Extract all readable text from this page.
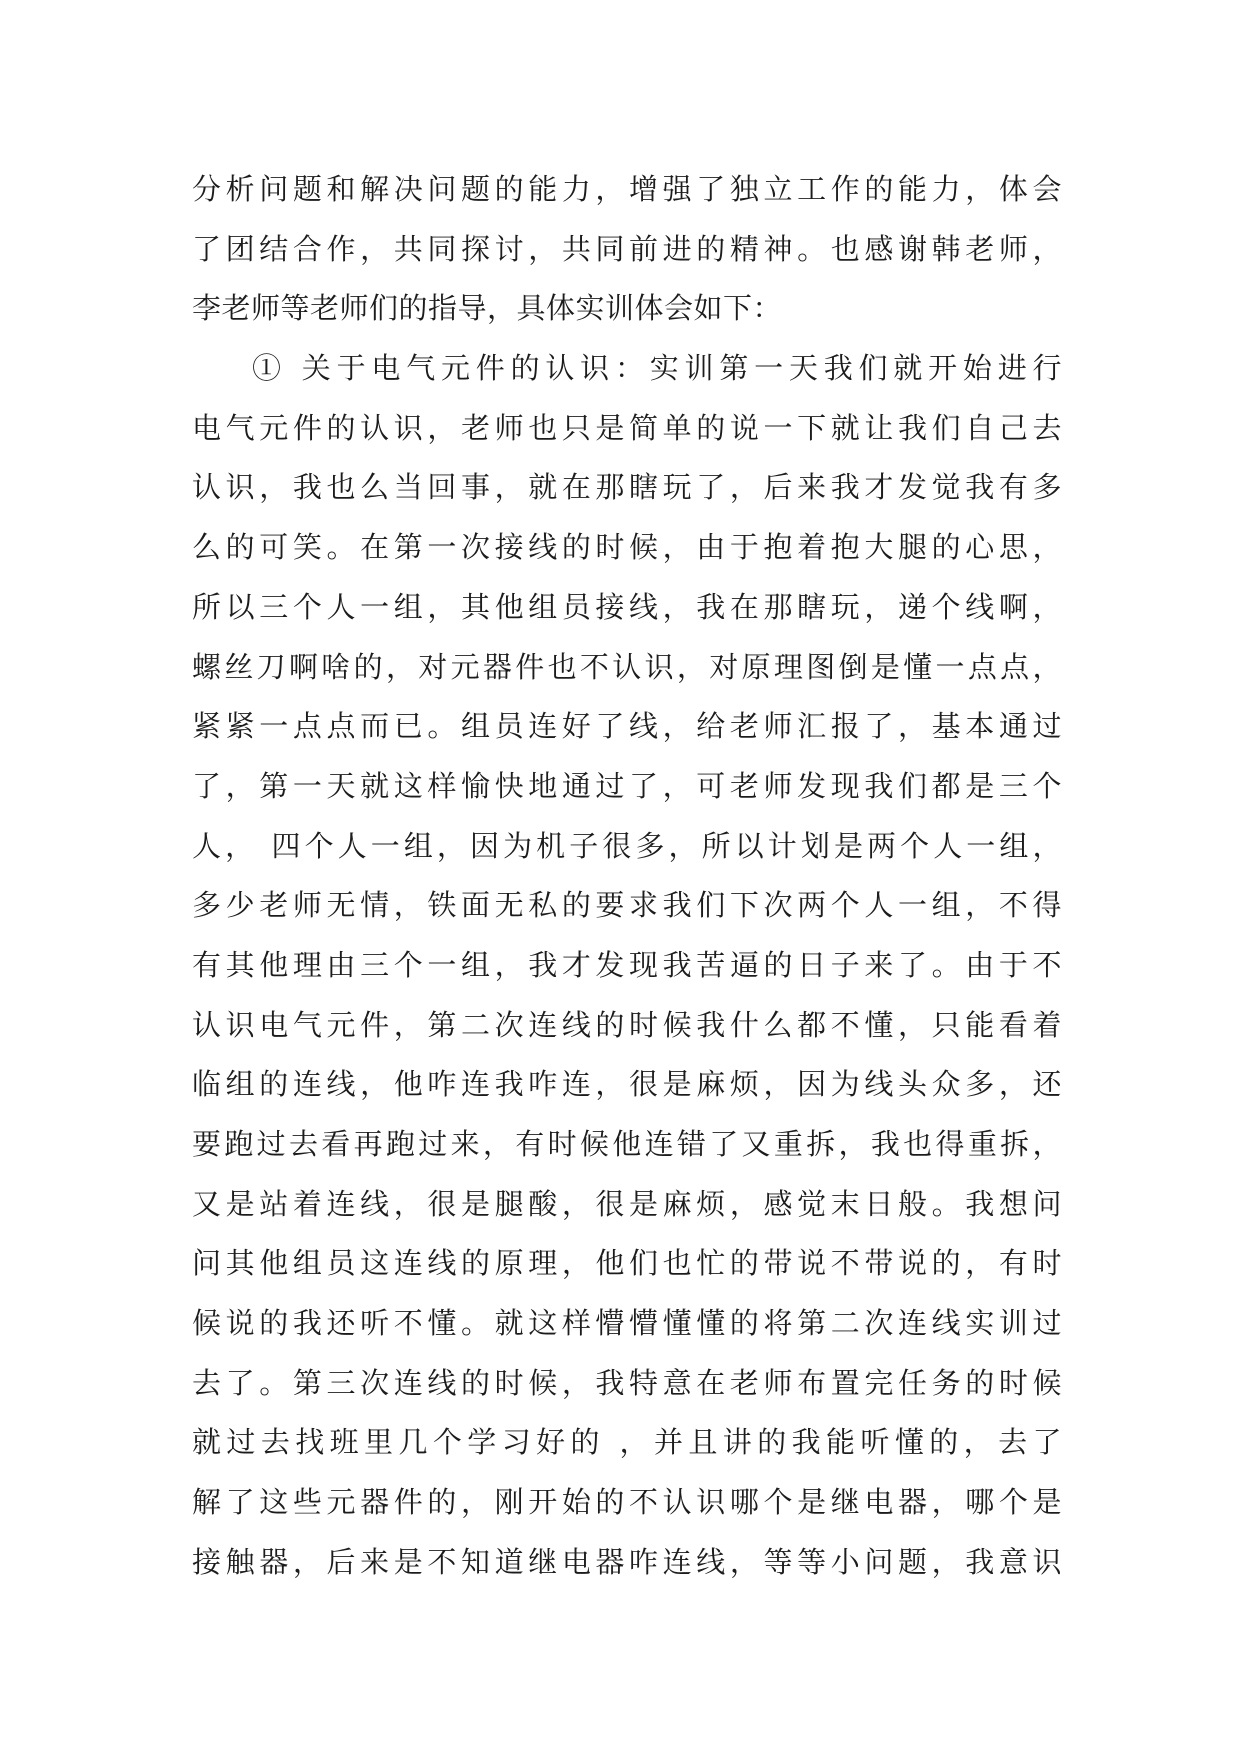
分析问题和解决问题的能力，增强了独立工作的能力，体会
了团结合作，共同探讨，共同前进的精神。也感谢韩老师，
李老师等老师们的指导，具体实训体会如下：
① 关于电气元件的认识：实训第一天我们就开始进行
电气元件的认识，老师也只是简单的说一下就让我们自己去
认识，我也么当回事，就在那瞎玩了，后来我才发觉我有多
么的可笑。在第一次接线的时候，由于抱着抱大腿的心思，
所以三个人一组，其他组员接线，我在那瞎玩，递个线啊，
螺丝刀啊啥的，对元器件也不认识，对原理图倒是懂一点点，
紧紧一点点而已。组员连好了线，给老师汇报了，基本通过
了，第一天就这样愉快地通过了，可老师发现我们都是三个
人， 四个人一组，因为机子很多，所以计划是两个人一组，
多少老师无情，铁面无私的要求我们下次两个人一组，不得
有其他理由三个一组，我才发现我苦逼的日子来了。由于不
认识电气元件，第二次连线的时候我什么都不懂，只能看着
临组的连线，他咋连我咋连，很是麻烦，因为线头众多，还
要跑过去看再跑过来，有时候他连错了又重拆，我也得重拆，
又是站着连线，很是腿酸，很是麻烦，感觉末日般。我想问
问其他组员这连线的原理，他们也忙的带说不带说的，有时
候说的我还听不懂。就这样懵懵懂懂的将第二次连线实训过
去了。第三次连线的时候，我特意在老师布置完任务的时候
就过去找班里几个学习好的 ，并且讲的我能听懂的，去了
解了这些元器件的，刚开始的不认识哪个是继电器，哪个是
接触器，后来是不知道继电器咋连线，等等小问题，我意识
